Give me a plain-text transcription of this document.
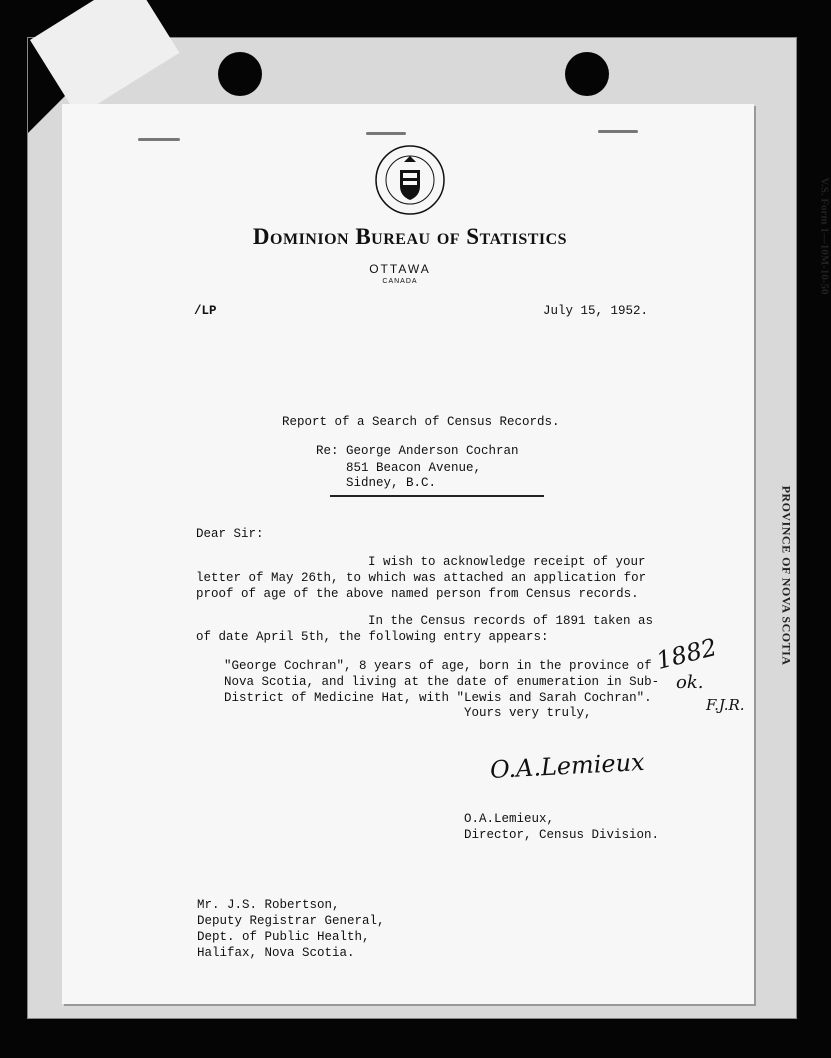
V.S. Form 1—10M-10-50
PROVINCE OF NOVA SCOTIA
Dominion Bureau of Statistics
OTTAWA
CANADA
/LP	July 15, 1952.
Report of a Search of Census Records.
Re: George Anderson Cochran
851 Beacon Avenue,
Sidney, B.C.
Dear Sir:
I wish to acknowledge receipt of your
letter of May 26th, to which was attached an application for
proof of age of the above named person from Census records.
In the Census records of 1891 taken as
of date April 5th, the following entry appears:
"George Cochran", 8 years of age, born in the province of
Nova Scotia, and living at the date of enumeration in Sub-
District of Medicine Hat, with "Lewis and Sarah Cochran".
Yours very truly,
O.A.Lemieux
O.A.Lemieux,
Director, Census Division.
Mr. J.S. Robertson,
Deputy Registrar General,
Dept. of Public Health,
Halifax, Nova Scotia.
1882
ok.
F.J.R.
